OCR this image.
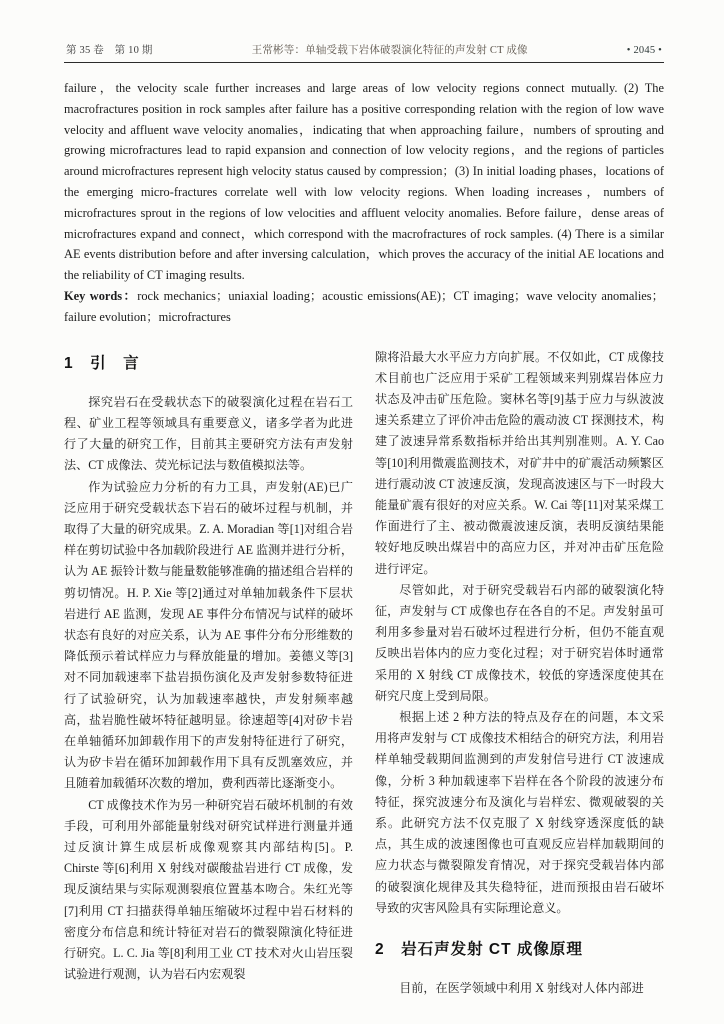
第 35 卷　第 10 期	王常彬等：单轴受载下岩体破裂演化特征的声发射 CT 成像	• 2045 •

failure，the velocity scale further increases and large areas of low velocity regions connect mutually. (2) The macrofractures position in rock samples after failure has a positive corresponding relation with the region of low wave velocity and affluent wave velocity anomalies，indicating that when approaching failure，numbers of sprouting and growing microfractures lead to rapid expansion and connection of low velocity regions，and the regions of particles around microfractures represent high velocity status caused by compression；(3) In initial loading phases，locations of the emerging micro-fractures correlate well with low velocity regions. When loading increases，numbers of microfractures sprout in the regions of low velocities and affluent velocity anomalies. Before failure，dense areas of microfractures expand and connect，which correspond with the macrofractures of rock samples. (4) There is a similar AE events distribution before and after inversing calculation，which proves the accuracy of the initial AE locations and the reliability of CT imaging results.

Key words：rock mechanics；uniaxial loading；acoustic emissions(AE)；CT imaging；wave velocity anomalies；failure evolution；microfractures

1　引　言

探究岩石在受载状态下的破裂演化过程在岩石工程、矿业工程等领域具有重要意义，诸多学者为此进行了大量的研究工作，目前其主要研究方法有声发射法、CT 成像法、荧光标记法与数值模拟法等。

作为试验应力分析的有力工具，声发射(AE)已广泛应用于研究受载状态下岩石的破坏过程与机制，并取得了大量的研究成果。Z. A. Moradian 等[1]对组合岩样在剪切试验中各加载阶段进行 AE 监测并进行分析，认为 AE 振铃计数与能量数能够准确的描述组合岩样的剪切情况。H. P. Xie 等[2]通过对单轴加载条件下层状岩进行 AE 监测，发现 AE 事件分布情况与试样的破坏状态有良好的对应关系，认为 AE 事件分布分形维数的降低预示着试样应力与释放能量的增加。姜德义等[3]对不同加载速率下盐岩损伤演化及声发射参数特征进行了试验研究，认为加载速率越快，声发射频率越高，盐岩脆性破坏特征越明显。徐速超等[4]对矽卡岩在单轴循环加卸载作用下的声发射特征进行了研究，认为矽卡岩在循环加卸载作用下具有反凯塞效应，并且随着加载循环次数的增加，费利西蒂比逐渐变小。

CT 成像技术作为另一种研究岩石破坏机制的有效手段，可利用外部能量射线对研究试样进行测量并通过反演计算生成层析成像观察其内部结构[5]。P. Chirste 等[6]利用 X 射线对碳酸盐岩进行 CT 成像，发现反演结果与实际观测裂痕位置基本吻合。朱红光等[7]利用 CT 扫描获得单轴压缩破坏过程中岩石材料的密度分布信息和统计特征对岩石的微裂隙演化特征进行研究。L. C. Jia 等[8]利用工业 CT 技术对火山岩压裂试验进行观测，认为岩石内宏观裂

隙将沿最大水平应力方向扩展。不仅如此，CT 成像技术目前也广泛应用于采矿工程领域来判别煤岩体应力状态及冲击矿压危险。窦林名等[9]基于应力与纵波波速关系建立了评价冲击危险的震动波 CT 探测技术，构建了波速异常系数指标并给出其判别准则。A. Y. Cao 等[10]利用微震监测技术，对矿井中的矿震活动频繁区进行震动波 CT 波速反演，发现高波速区与下一时段大能量矿震有很好的对应关系。W. Cai 等[11]对某采煤工作面进行了主、被动微震波速反演，表明反演结果能较好地反映出煤岩中的高应力区，并对冲击矿压危险进行评定。

尽管如此，对于研究受载岩石内部的破裂演化特征，声发射与 CT 成像也存在各自的不足。声发射虽可利用多参量对岩石破坏过程进行分析，但仍不能直观反映出岩体内的应力变化过程；对于研究岩体时通常采用的 X 射线 CT 成像技术，较低的穿透深度使其在研究尺度上受到局限。

根据上述 2 种方法的特点及存在的问题，本文采用将声发射与 CT 成像技术相结合的研究方法，利用岩样单轴受载期间监测到的声发射信号进行 CT 波速成像，分析 3 种加载速率下岩样在各个阶段的波速分布特征，探究波速分布及演化与岩样宏、微观破裂的关系。此研究方法不仅克服了 X 射线穿透深度低的缺点，其生成的波速图像也可直观反应岩样加载期间的应力状态与微裂隙发育情况，对于探究受载岩体内部的破裂演化规律及其失稳特征，进而预报由岩石破坏导致的灾害风险具有实际理论意义。

2　岩石声发射 CT 成像原理

目前，在医学领域中利用 X 射线对人体内部进
